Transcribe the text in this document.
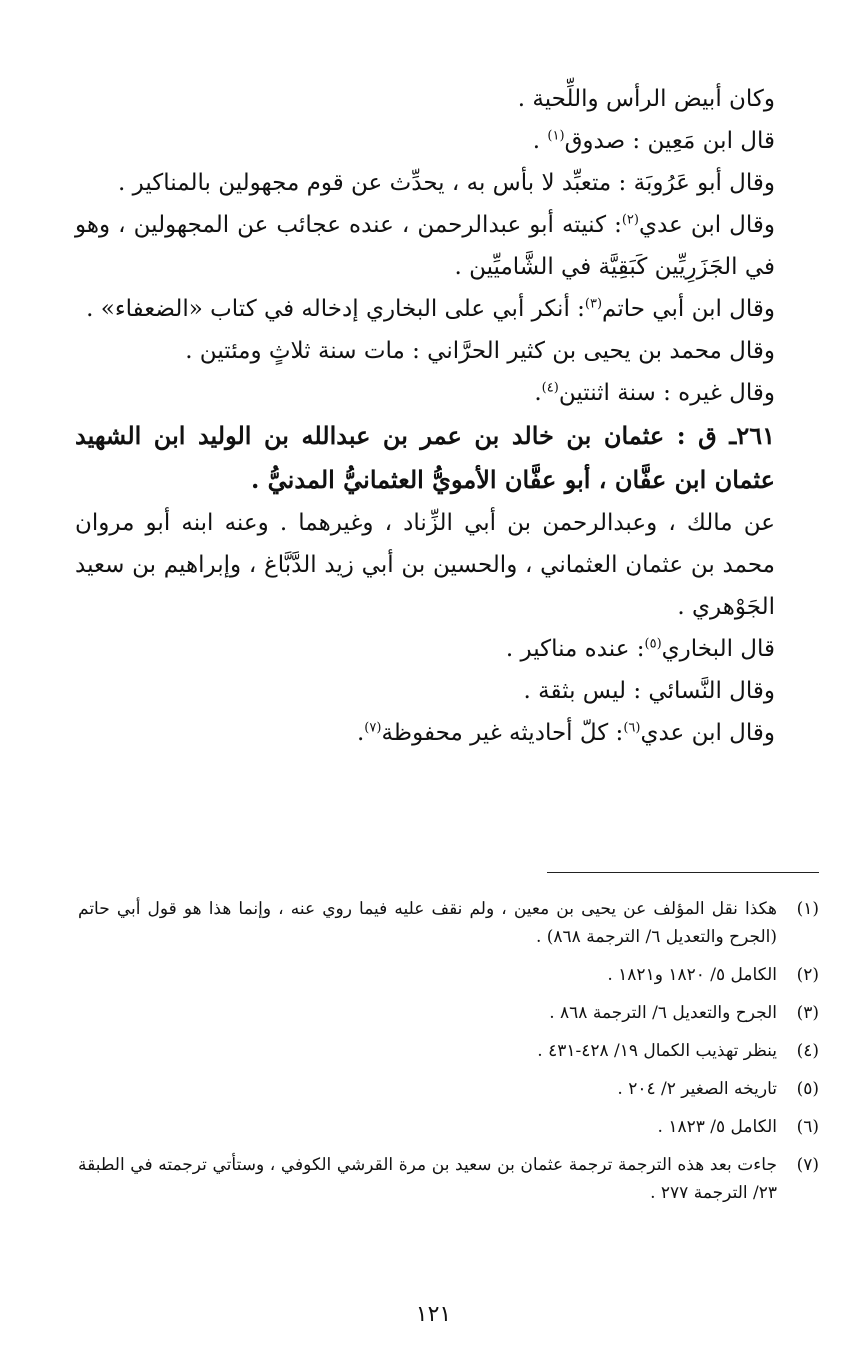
وكان أبيض الرأس واللِّحية .

قال ابن مَعِين : صدوق$^{(١)}$ .

وقال أبو عَرُوبَة : متعبِّد لا بأس به ، يحدِّث عن قوم مجهولين بالمناكير .

وقال ابن عدي$^{(٢)}$: كنيته أبو عبدالرحمن ، عنده عجائب عن المجهولين ، وهو في الجَزَرِيِّين كَبَقِيَّة في الشَّاميِّين .

وقال ابن أبي حاتم$^{(٣)}$: أنكر أبي على البخاري إدخاله في كتاب «الضعفاء» .

وقال محمد بن يحيى بن كثير الحرَّاني : مات سنة ثلاثٍ ومئتين .

وقال غيره : سنة اثنتين$^{(٤)}$.

٢٦١ـ ق : عثمان بن خالد بن عمر بن عبدالله بن الوليد ابن الشهيد عثمان ابن عفَّان ، أبو عفَّان الأمويُّ العثمانيُّ المدنيُّ .

عن مالك ، وعبدالرحمن بن أبي الزِّناد ، وغيرهما . وعنه ابنه أبو مروان محمد بن عثمان العثماني ، والحسين بن أبي زيد الدَّبَّاغ ، وإبراهيم بن سعيد الجَوْهري .

قال البخاري$^{(٥)}$: عنده مناكير .

وقال النَّسائي : ليس بثقة .

وقال ابن عدي$^{(٦)}$: كلّ أحاديثه غير محفوظة$^{(٧)}$.

(١)
هكذا نقل المؤلف عن يحيى بن معين ، ولم نقف عليه فيما روي عنه ، وإنما هذا هو قول أبي حاتم (الجرح والتعديل ٦/ الترجمة ٨٦٨) .
(٢)
الكامل ٥/ ١٨٢٠ و١٨٢١ .
(٣)
الجرح والتعديل ٦/ الترجمة ٨٦٨ .
(٤)
ينظر تهذيب الكمال ١٩/ ٤٢٨-٤٣١ .
(٥)
تاريخه الصغير ٢/ ٢٠٤ .
(٦)
الكامل ٥/ ١٨٢٣ .
(٧)
جاءت بعد هذه الترجمة ترجمة عثمان بن سعيد بن مرة القرشي الكوفي ، وستأتي ترجمته في الطبقة ٢٣/ الترجمة ٢٧٧ .
١٢١
